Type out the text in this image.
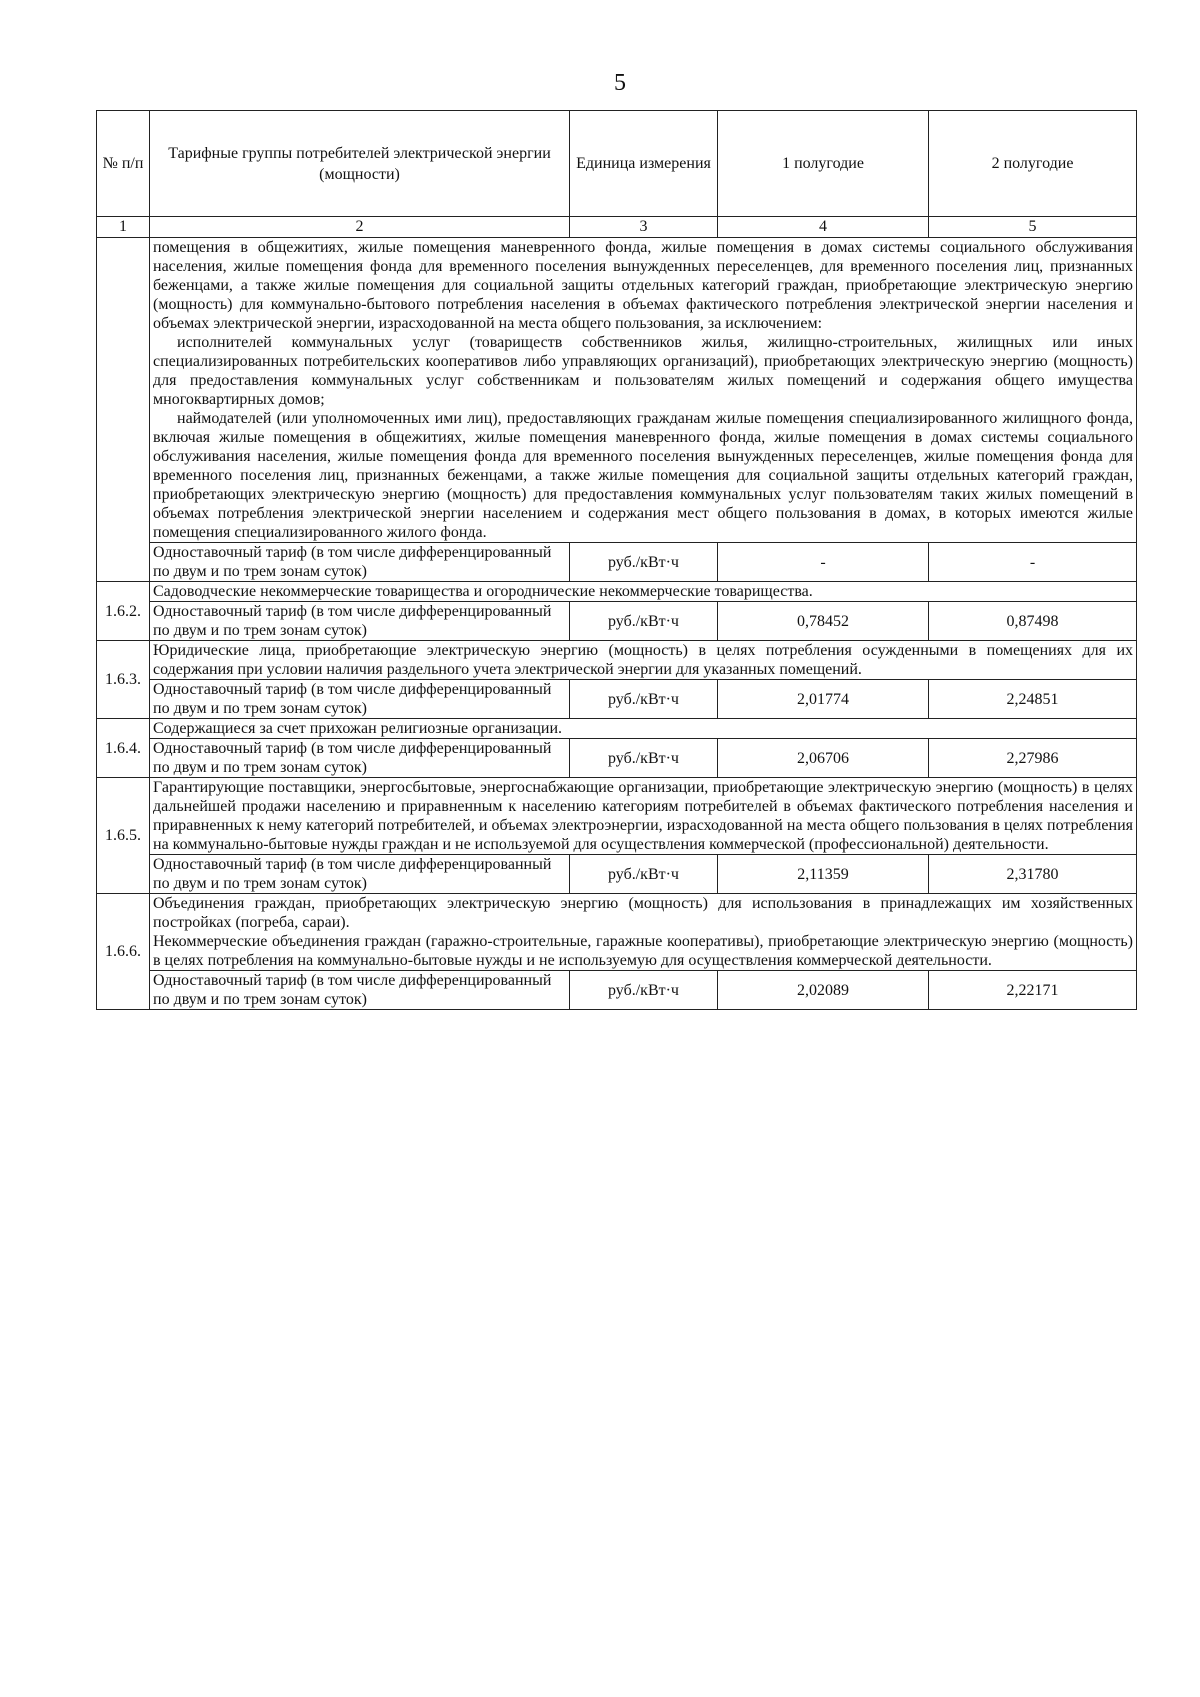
5
№ п/п	Тарифные группы потребителей электрической энергии (мощности)	Единица измерения	1 полугодие	2 полугодие
1	2	3	4	5

	помещения в общежитиях, жилые помещения маневренного фонда, жилые помещения в домах системы социального обслуживания населения, жилые помещения фонда для временного поселения вынужденных переселенцев, для временного поселения лиц, признанных беженцами, а также жилые помещения для социальной защиты отдельных категорий граждан, приобретающие электрическую энергию (мощность) для коммунально-бытового потребления населения в объемах фактического потребления электрической энергии населения и объемах электрической энергии, израсходованной на места общего пользования, за исключением:

исполнителей коммунальных услуг (товариществ собственников жилья, жилищно-строительных, жилищных или иных специализированных потребительских кооперативов либо управляющих организаций), приобретающих электрическую энергию (мощность) для предоставления коммунальных услуг собственникам и пользователям жилых помещений и содержания общего имущества многоквартирных домов;

наймодателей (или уполномоченных ими лиц), предоставляющих гражданам жилые помещения специализированного жилищного фонда, включая жилые помещения в общежитиях, жилые помещения маневренного фонда, жилые помещения в домах системы социального обслуживания населения, жилые помещения фонда для временного поселения вынужденных переселенцев, жилые помещения фонда для временного поселения лиц, признанных беженцами, а также жилые помещения для социальной защиты отдельных категорий граждан, приобретающих электрическую энергию (мощность) для предоставления коммунальных услуг пользователям таких жилых помещений в объемах потребления электрической энергии населением и содержания мест общего пользования в домах, в которых имеются жилые помещения специализированного жилого фонда.			

	Одноставочный тариф (в том числе дифференцированный по двум и по трем зонам суток)	руб./кВт·ч	-	-
1.6.2.	Садоводческие некоммерческие товарищества и огороднические некоммерческие товарищества.			
	Одноставочный тариф (в том числе дифференцированный по двум и по трем зонам суток)	руб./кВт·ч	0,78452	0,87498
1.6.3.	Юридические лица, приобретающие электрическую энергию (мощность) в целях потребления осужденными в помещениях для их содержания при условии наличия раздельного учета электрической энергии для указанных помещений.			
	Одноставочный тариф (в том числе дифференцированный по двум и по трем зонам суток)	руб./кВт·ч	2,01774	2,24851
1.6.4.	Содержащиеся за счет прихожан религиозные организации.			
	Одноставочный тариф (в том числе дифференцированный по двум и по трем зонам суток)	руб./кВт·ч	2,06706	2,27986
1.6.5.	Гарантирующие поставщики, энергосбытовые, энергоснабжающие организации, приобретающие электрическую энергию (мощность) в целях дальнейшей продажи населению и приравненным к населению категориям потребителей в объемах фактического потребления населения и приравненных к нему категорий потребителей, и объемах электроэнергии, израсходованной на места общего пользования в целях потребления на коммунально-бытовые нужды граждан и не используемой для осуществления коммерческой (профессиональной) деятельности.			
	Одноставочный тариф (в том числе дифференцированный по двум и по трем зонам суток)	руб./кВт·ч	2,11359	2,31780
1.6.6.	Объединения граждан, приобретающих электрическую энергию (мощность) для использования в принадлежащих им хозяйственных постройках (погреба, сараи).

Некоммерческие объединения граждан (гаражно-строительные, гаражные кооперативы), приобретающие электрическую энергию (мощность) в целях потребления на коммунально-бытовые нужды и не используемую для осуществления коммерческой деятельности.			

	Одноставочный тариф (в том числе дифференцированный по двум и по трем зонам суток)	руб./кВт·ч	2,02089	2,22171
